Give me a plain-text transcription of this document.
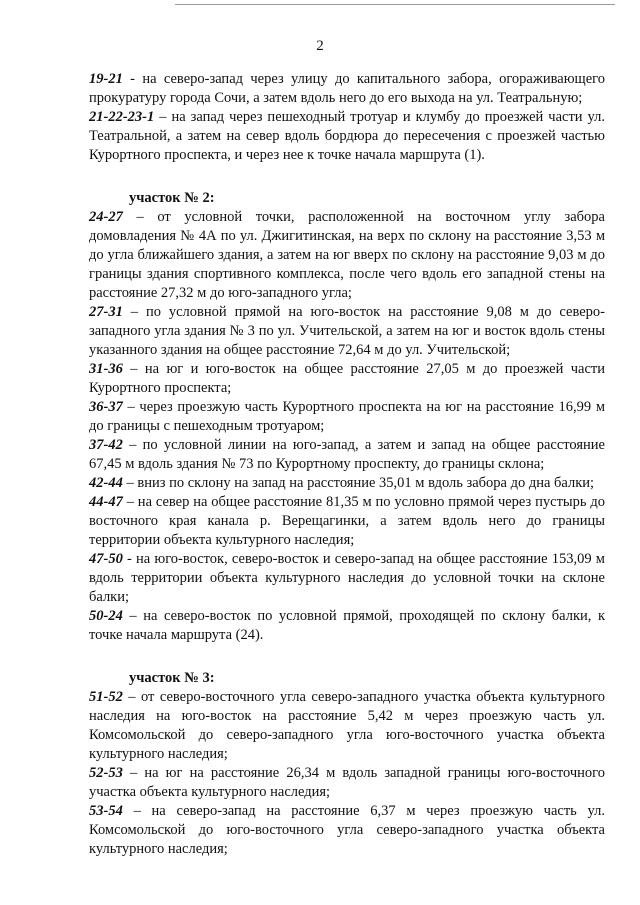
2

19-21 - на северо-запад через улицу до капитального забора, огораживающего прокуратуру города Сочи, а затем вдоль него до его выхода на ул. Театральную;

21-22-23-1 – на запад через пешеходный тротуар и клумбу до проезжей части ул. Театральной, а затем на север вдоль бордюра до пересечения с проезжей частью Курортного проспекта, и через нее к точке начала маршрута (1).

участок № 2:

24-27 – от условной точки, расположенной на восточном углу забора домовладения № 4А по ул. Джигитинская, на верх по склону на расстояние 3,53 м до угла ближайшего здания, а затем на юг вверх по склону на расстояние 9,03 м до границы здания спортивного комплекса, после чего вдоль его западной стены на расстояние 27,32 м до юго-западного угла;

27-31 – по условной прямой на юго-восток на расстояние 9,08 м до северо-западного угла здания № 3 по ул. Учительской, а затем на юг и восток вдоль стены указанного здания на общее расстояние 72,64 м до ул. Учительской;

31-36 – на юг и юго-восток на общее расстояние 27,05 м до проезжей части Курортного проспекта;

36-37 – через проезжую часть Курортного проспекта на юг на расстояние 16,99 м до границы с пешеходным тротуаром;

37-42 – по условной линии на юго-запад, а затем и запад на общее расстояние 67,45 м вдоль здания № 73 по Курортному проспекту, до границы склона;

42-44 – вниз по склону на запад на расстояние 35,01 м вдоль забора до дна балки;

44-47 – на север на общее расстояние 81,35 м по условно прямой через пустырь до восточного края канала р. Верещагинки, а затем вдоль него до границы территории объекта культурного наследия;

47-50 - на юго-восток, северо-восток и северо-запад на общее расстояние 153,09 м вдоль территории объекта культурного наследия до условной точки на склоне балки;

50-24 – на северо-восток по условной прямой, проходящей по склону балки, к точке начала маршрута (24).

участок № 3:

51-52 – от северо-восточного угла северо-западного участка объекта культурного наследия на юго-восток на расстояние 5,42 м через проезжую часть ул. Комсомольской до северо-западного угла юго-восточного участка объекта культурного наследия;

52-53 – на юг на расстояние 26,34 м вдоль западной границы юго-восточного участка объекта культурного наследия;

53-54 – на северо-запад на расстояние 6,37 м через проезжую часть ул. Комсомольской до юго-восточного угла северо-западного участка объекта культурного наследия;
